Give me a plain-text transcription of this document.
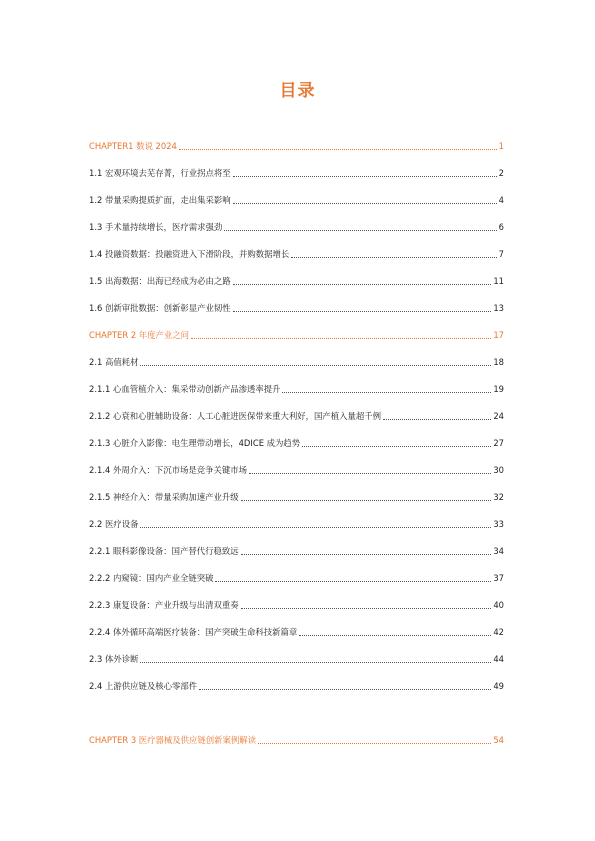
目录
CHAPTER1 数说 2024	1
1.1 宏观环境去芜存菁，行业拐点将至	2
1.2 带量采购提质扩面，走出集采影响	4
1.3 手术量持续增长，医疗需求强劲	6
1.4 投融资数据：投融资进入下滑阶段，并购数据增长	7
1.5 出海数据：出海已经成为必由之路	11
1.6 创新审批数据：创新彰显产业韧性	13
CHAPTER 2 年度产业之问	17
2.1 高值耗材	18
2.1.1 心血管植介入：集采带动创新产品渗透率提升	19
2.1.2 心衰和心脏辅助设备：人工心脏进医保带来重大利好，国产植入量超千例	24
2.1.3 心脏介入影像：电生理带动增长，4DICE 成为趋势	27
2.1.4 外周介入：下沉市场是竞争关键市场	30
2.1.5 神经介入：带量采购加速产业升级	32
2.2 医疗设备	33
2.2.1 眼科影像设备：国产替代行稳致远	34
2.2.2 内窥镜：国内产业全链突破	37
2.2.3 康复设备：产业升级与出清双重奏	40
2.2.4 体外循环高端医疗装备：国产突破生命科技新篇章	42
2.3 体外诊断	44
2.4 上游供应链及核心零部件	49
CHAPTER 3 医疗器械及供应链创新案例解读	54
